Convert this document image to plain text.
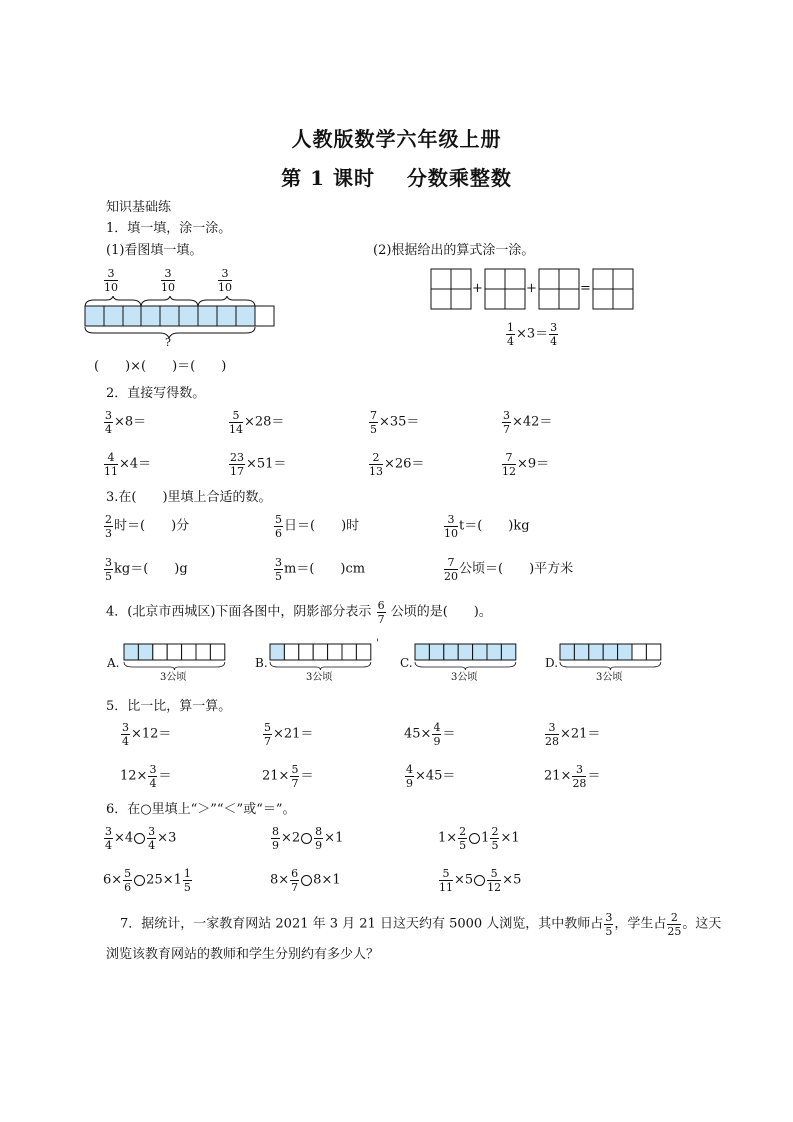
人教版数学六年级上册
第 1 课时    分数乘整数
知识基础练
1．填一填，涂一涂。
(1)看图填一填。	(2)根据给出的算式涂一涂。
$\frac{3}{10}$	$\frac{3}{10}$	$\frac{3}{10}$
?
(　　)×(　　)＝(　　)
+	+	=
$\frac{1}{4} \times 3= \frac{3}{4}$
2．直接写得数。
$\frac{3}{4} \times 8=$	$\frac{5}{14} \times 28=$	$\frac{7}{5} \times 35=$	$\frac{3}{7} \times 42=$
$\frac{4}{11} \times 4=$	$\frac{23}{17} \times 51=$	$\frac{2}{13} \times 26=$	$\frac{7}{12} \times 9=$
3.在(　　)里填上合适的数。
$\frac{2}{3}$ 时＝(　　)分	$\frac{5}{6}$ 日＝(　　)时	$\frac{3}{10} t=$(　　)kg
$\frac{3}{5} kg=$(　　)g	$\frac{3}{5} m=$(　　)cm	$\frac{7}{20}$ 公顷＝(　　)平方米
4．(北京市西城区)下面各图中，阴影部分表示 $\frac{6}{7}$ 公顷的是(　　)。
A.	B.	C.	D.
'
3公顷	3公顷	3公顷	3公顷
5．比一比，算一算。
$\frac{3}{4} \times 12=$	$\frac{5}{7} \times 21=$	$45\times \frac{4}{9}$ ＝	$\frac{3}{28} \times 21=$
$12\times \frac{3}{4}$ ＝	$21\times \frac{5}{7}$ ＝	$\frac{4}{9} \times 45=$	$21\times \frac{3}{28}$ ＝
6．在○里填上“＞”“＜”或“＝”。
$\frac{3}{4} \times 4 \frac{3}{4} \times 3$	$\frac{8}{9} \times 2 \frac{8}{9} \times 1$	$1\times \frac{2}{5} 1 \frac{2}{5} \times 1$
$6\times \frac{5}{6} 25\times 1 \frac{1}{5}$	$8\times \frac{6}{7} 8\times 1$	$\frac{5}{11} \times 5 \frac{5}{12} \times 5$
7．据统计，一家教育网站 2021 年 3 月 21 日这天约有 5000 人浏览，其中教师占 $\frac{3}{5}$ ，学生占 $\frac{2}{25}$ 。这天
浏览该教育网站的教师和学生分别约有多少人？
